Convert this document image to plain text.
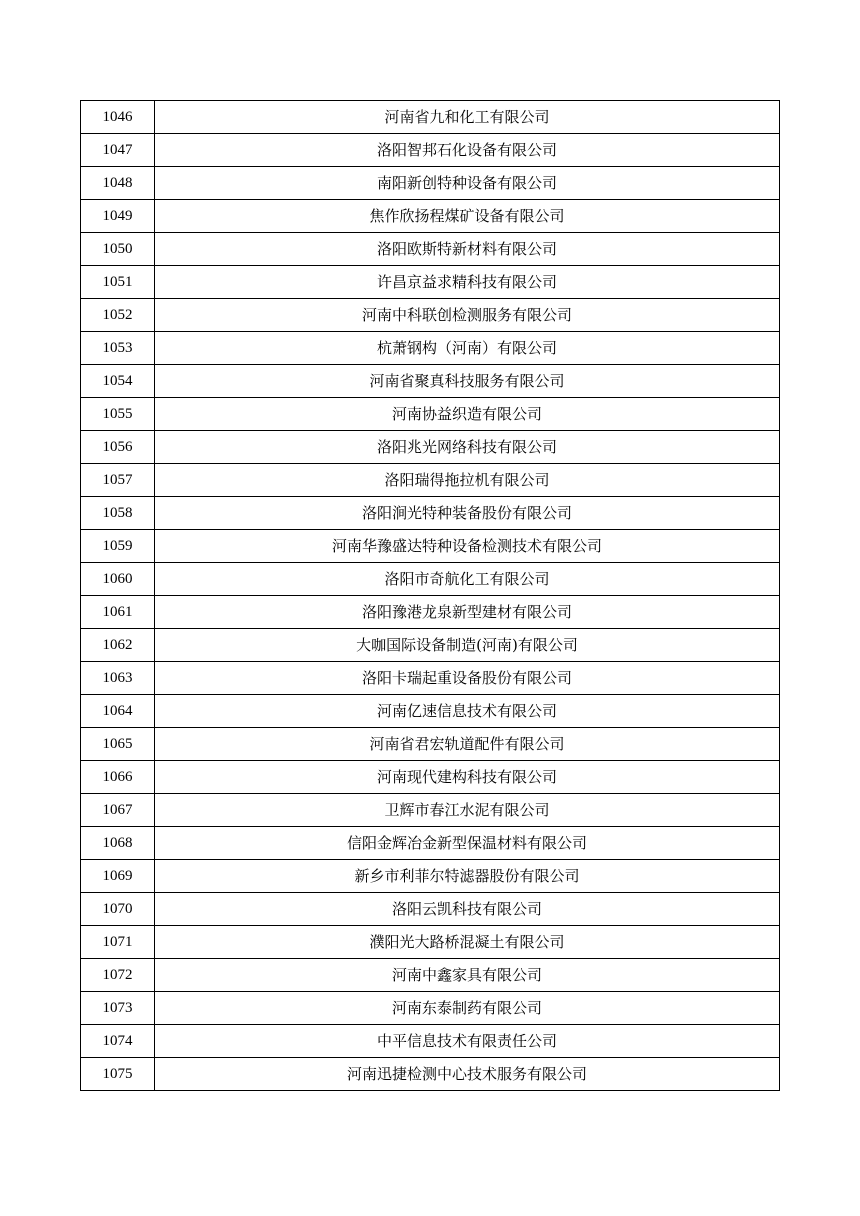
1046	河南省九和化工有限公司
1047	洛阳智邦石化设备有限公司
1048	南阳新创特种设备有限公司
1049	焦作欣扬程煤矿设备有限公司
1050	洛阳欧斯特新材料有限公司
1051	许昌京益求精科技有限公司
1052	河南中科联创检测服务有限公司
1053	杭萧钢构（河南）有限公司
1054	河南省聚真科技服务有限公司
1055	河南协益织造有限公司
1056	洛阳兆光网络科技有限公司
1057	洛阳瑞得拖拉机有限公司
1058	洛阳涧光特种装备股份有限公司
1059	河南华豫盛达特种设备检测技术有限公司
1060	洛阳市奇航化工有限公司
1061	洛阳豫港龙泉新型建材有限公司
1062	大咖国际设备制造(河南)有限公司
1063	洛阳卡瑞起重设备股份有限公司
1064	河南亿速信息技术有限公司
1065	河南省君宏轨道配件有限公司
1066	河南现代建构科技有限公司
1067	卫辉市春江水泥有限公司
1068	信阳金辉冶金新型保温材料有限公司
1069	新乡市利菲尔特滤器股份有限公司
1070	洛阳云凯科技有限公司
1071	濮阳光大路桥混凝土有限公司
1072	河南中鑫家具有限公司
1073	河南东泰制药有限公司
1074	中平信息技术有限责任公司
1075	河南迅捷检测中心技术服务有限公司
